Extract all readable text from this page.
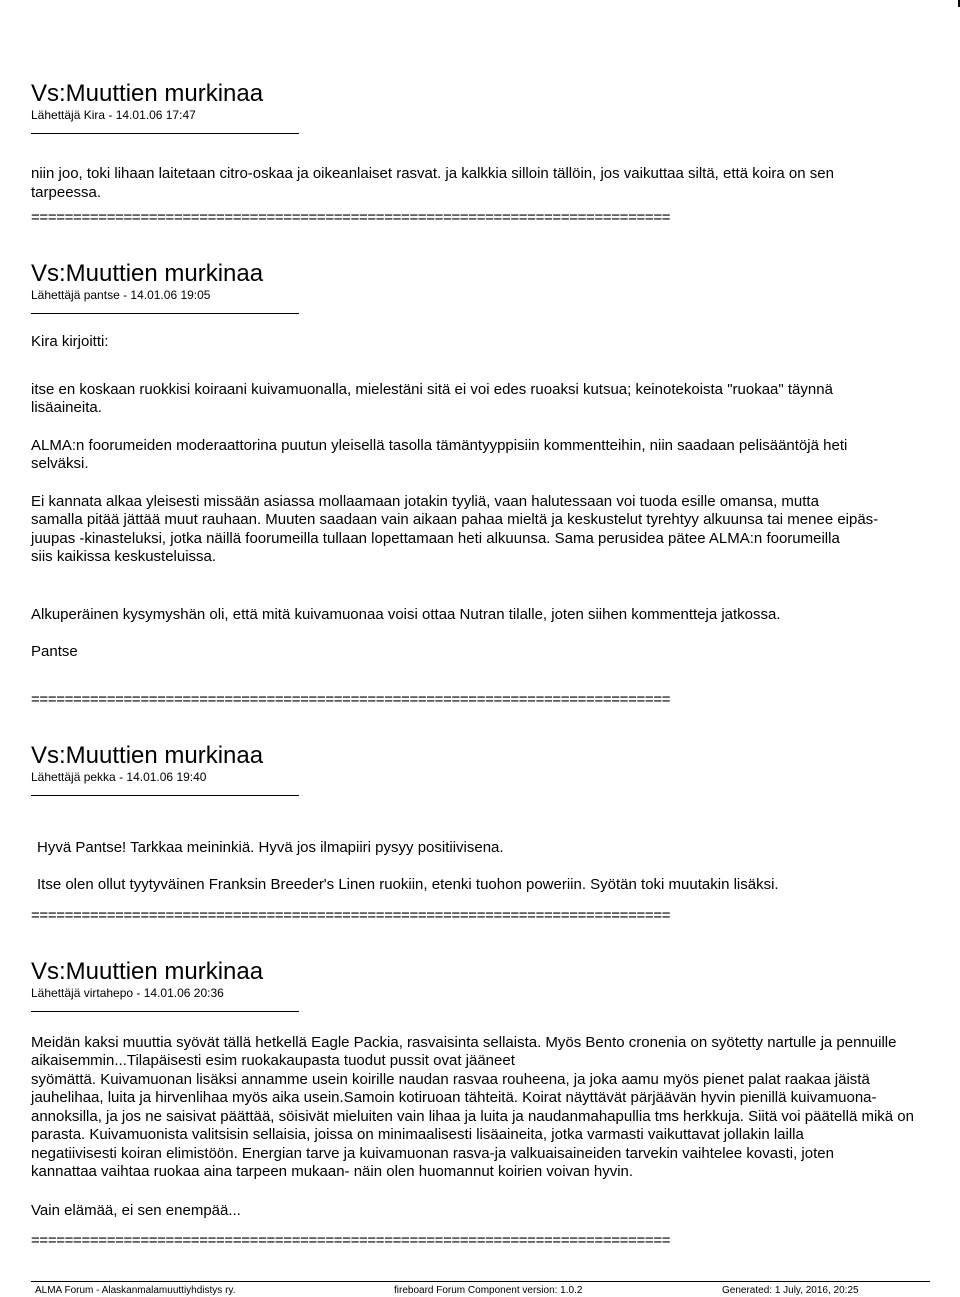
Vs:Muuttien murkinaa
Lähettäjä Kira - 14.01.06 17:47

niin joo, toki lihaan laitetaan citro-oskaa ja oikeanlaiset rasvat. ja kalkkia silloin tällöin, jos vaikuttaa siltä, että koira on sen

tarpeessa.

============================================================================
Vs:Muuttien murkinaa
Lähettäjä pantse - 14.01.06 19:05

Kira kirjoitti:

itse en koskaan ruokkisi koiraani kuivamuonalla, mielestäni sitä ei voi edes ruoaksi kutsua; keinotekoista "ruokaa" täynnä

lisäaineita.

ALMA:n foorumeiden moderaattorina puutun yleisellä tasolla tämäntyyppisiin kommentteihin, niin saadaan pelisääntöjä heti

selväksi.

Ei kannata alkaa yleisesti missään asiassa mollaamaan jotakin tyyliä, vaan halutessaan voi tuoda esille omansa, mutta

samalla pitää jättää muut rauhaan. Muuten saadaan vain aikaan pahaa mieltä ja keskustelut tyrehtyy alkuunsa tai menee eipäs-

juupas -kinasteluksi, jotka näillä foorumeilla tullaan lopettamaan heti alkuunsa. Sama perusidea pätee ALMA:n foorumeilla

siis kaikissa keskusteluissa.

Alkuperäinen kysymyshän oli, että mitä kuivamuonaa voisi ottaa Nutran tilalle, joten siihen kommentteja jatkossa.

Pantse

============================================================================
Vs:Muuttien murkinaa
Lähettäjä pekka - 14.01.06 19:40

Hyvä Pantse! Tarkkaa meininkiä. Hyvä jos ilmapiiri pysyy positiivisena.

Itse olen ollut tyytyväinen Franksin Breeder's Linen ruokiin, etenki tuohon poweriin. Syötän toki muutakin lisäksi.

============================================================================
Vs:Muuttien murkinaa
Lähettäjä virtahepo - 14.01.06 20:36

Meidän kaksi muuttia syövät tällä hetkellä Eagle Packia, rasvaisinta sellaista. Myös Bento cronenia on syötetty nartulle ja pennuille

aikaisemmin...Tilapäisesti esim ruokakaupasta tuodut pussit ovat jääneet

syömättä. Kuivamuonan lisäksi annamme usein koirille naudan rasvaa rouheena, ja joka aamu myös pienet palat raakaa jäistä

jauhelihaa, luita ja hirvenlihaa myös aika usein.Samoin kotiruoan tähteitä. Koirat näyttävät pärjäävän hyvin pienillä kuivamuona-

annoksilla, ja jos ne saisivat päättää, söisivät mieluiten vain lihaa ja luita ja naudanmahapullia tms herkkuja. Siitä voi päätellä mikä on

parasta. Kuivamuonista valitsisin sellaisia, joissa on minimaalisesti lisäaineita, jotka varmasti vaikuttavat jollakin lailla

negatiivisesti koiran elimistöön. Energian tarve ja kuivamuonan rasva-ja valkuaisaineiden tarvekin vaihtelee kovasti, joten

kannattaa vaihtaa ruokaa aina tarpeen mukaan- näin olen huomannut koirien voivan hyvin.

Vain elämää, ei sen enempää...

============================================================================
ALMA Forum - Alaskanmalamuuttiyhdistys ry.	fireboard Forum Component version: 1.0.2	Generated: 1 July, 2016, 20:25
